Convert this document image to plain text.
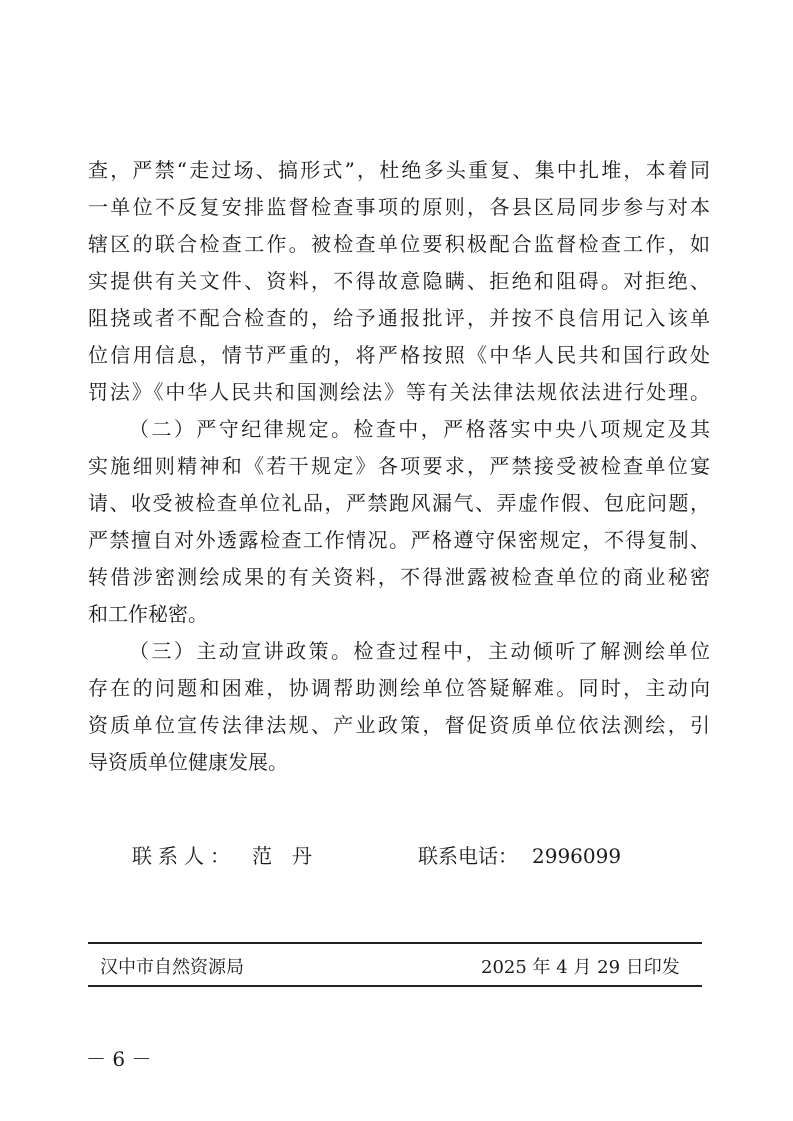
查，严禁“走过场、搞形式”，杜绝多头重复、集中扎堆，本着同
一单位不反复安排监督检查事项的原则，各县区局同步参与对本
辖区的联合检查工作。被检查单位要积极配合监督检查工作，如
实提供有关文件、资料，不得故意隐瞒、拒绝和阻碍。对拒绝、
阻挠或者不配合检查的，给予通报批评，并按不良信用记入该单
位信用信息，情节严重的，将严格按照《中华人民共和国行政处
罚法》《中华人民共和国测绘法》等有关法律法规依法进行处理。
（二）严守纪律规定。检查中，严格落实中央八项规定及其
实施细则精神和《若干规定》各项要求，严禁接受被检查单位宴
请、收受被检查单位礼品，严禁跑风漏气、弄虚作假、包庇问题，
严禁擅自对外透露检查工作情况。严格遵守保密规定，不得复制、
转借涉密测绘成果的有关资料，不得泄露被检查单位的商业秘密
和工作秘密。
（三）主动宣讲政策。检查过程中，主动倾听了解测绘单位
存在的问题和困难，协调帮助测绘单位答疑解难。同时，主动向
资质单位宣传法律法规、产业政策，督促资质单位依法测绘，引
导资质单位健康发展。
联系人： 范　丹	联系电话： 2996099
汉中市自然资源局	2025 年 4 月 29 日印发
－ 6 －
